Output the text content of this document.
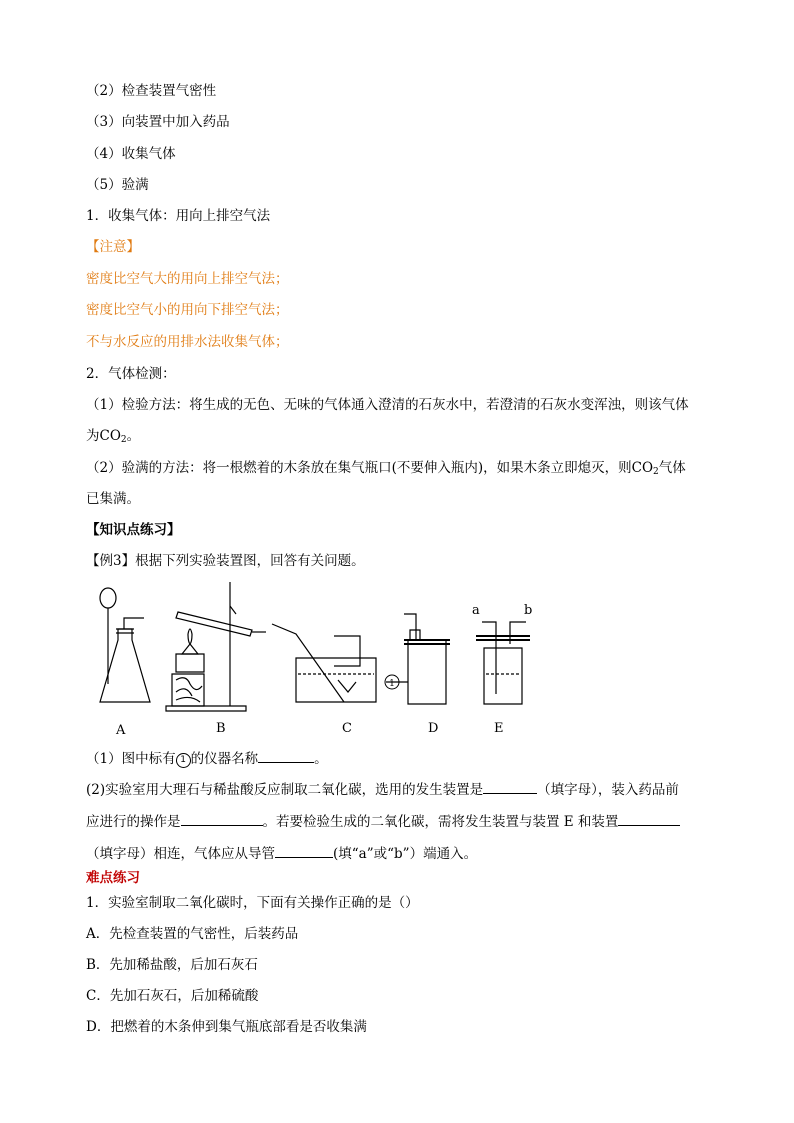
（2）检查装置气密性
（3）向装置中加入药品
（4）收集气体
（5）验满
1．收集气体：用向上排空气法
【注意】
密度比空气大的用向上排空气法；
密度比空气小的用向下排空气法；
不与水反应的用排水法收集气体；
2．气体检测：
（1）检验方法：将生成的无色、无味的气体通入澄清的石灰水中，若澄清的石灰水变浑浊，则该气体
为$CO_2$。
（2）验满的方法：将一根燃着的木条放在集气瓶口(不要伸入瓶内)，如果木条立即熄灭，则$CO_2$气体
已集满。
【知识点练习】
【例3】根据下列实验装置图，回答有关问题。
1
a	b
A	B	C	D	E
（1）图中标有 1 的仪器名称	。
(2)实验室用大理石与稀盐酸反应制取二氧化碳，选用的发生装置是	（填字母），装入药品前
应进行的操作是	。若要检验生成的二氧化碳，需将发生装置与装置 E 和装置
（填字母）相连，气体应从导管	(填“a”或“b”）端通入。
难点练习
1．实验室制取二氧化碳时，下面有关操作正确的是（）
A．先检查装置的气密性，后装药品
B．先加稀盐酸，后加石灰石
C．先加石灰石，后加稀硫酸
D．把燃着的木条伸到集气瓶底部看是否收集满
